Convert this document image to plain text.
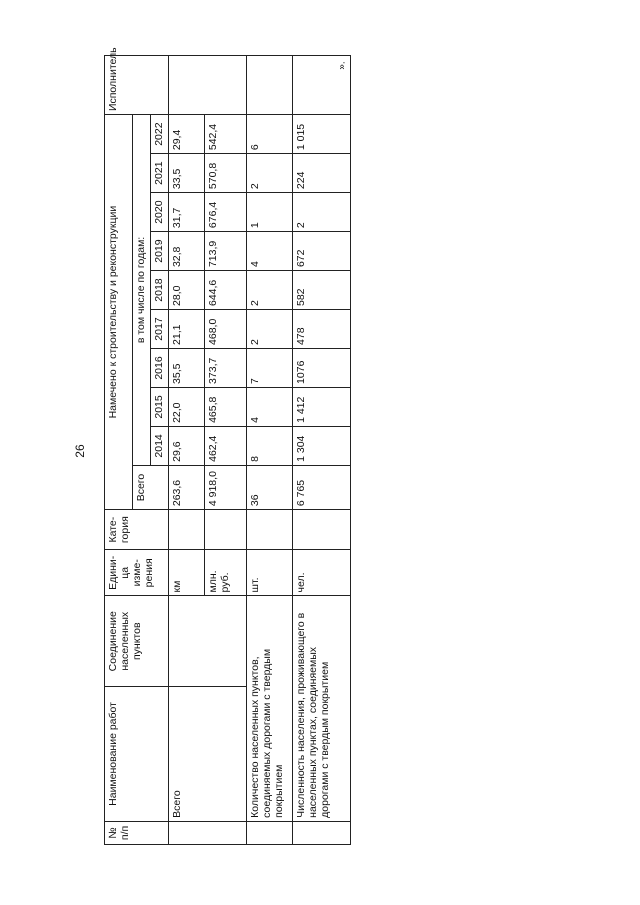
26
».
№ п/п	Наименование работ	Соединение населенных пунктов	Едини-ца изме-рения	Кате-гория	Намечено к строительству и реконструкции										Исполнитель
					Всего	в том числе по годам:									
						2014	2015	2016	2017	2018	2019	2020	2021	2022	
	Всего		км		263,6	29,6	22,0	35,5	21,1	28,0	32,8	31,7	33,5	29,4	
			млн. руб.		4 918,0	462,4	465,8	373,7	468,0	644,6	713,9	676,4	570,8	542,4	
	Количество населенных пунктов, соединяемых дорогами с твердым покрытием		шт.		36	8	4	7	2	2	4	1	2	6	
	Численность населения, проживающего в населенных пунктах, соединяемых дорогами с твердым покрытием		чел.		6 765	1 304	1 412	1076	478	582	672	2	224	1 015	
